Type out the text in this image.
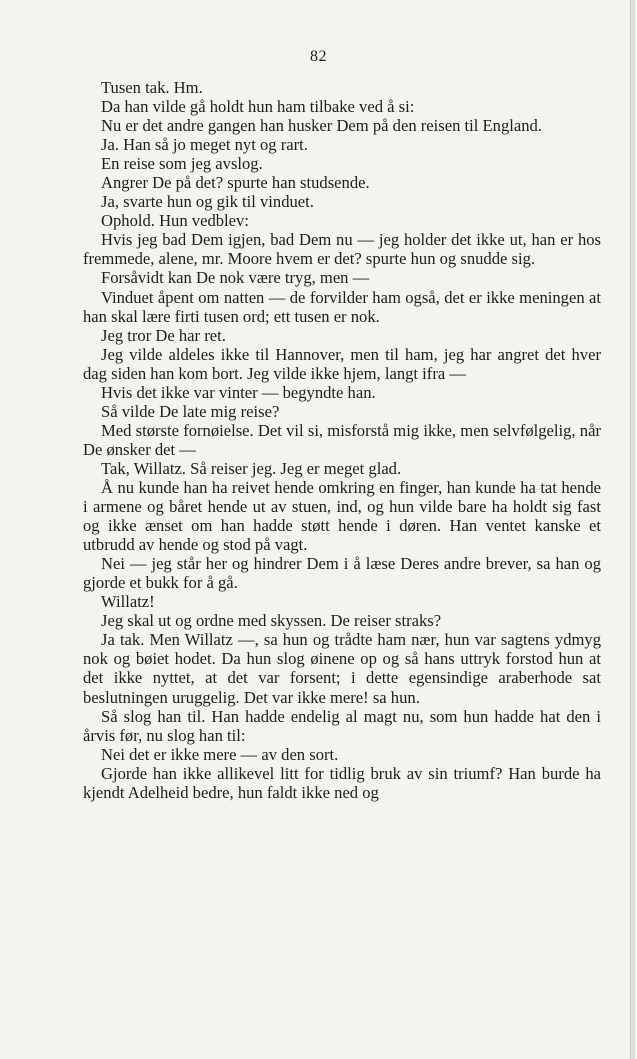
82

Tusen tak. Hm.

Da han vilde gå holdt hun ham tilbake ved å si:

Nu er det andre gangen han husker Dem på den reisen til England.

Ja. Han så jo meget nyt og rart.

En reise som jeg avslog.

Angrer De på det? spurte han studsende.

Ja, svarte hun og gik til vinduet.

Ophold. Hun vedblev:

Hvis jeg bad Dem igjen, bad Dem nu — jeg holder det ikke ut, han er hos fremmede, alene, mr. Moore hvem er det? spurte hun og snudde sig.

Forsåvidt kan De nok være tryg, men —

Vinduet åpent om natten — de forvilder ham også, det er ikke meningen at han skal lære firti tusen ord; ett tusen er nok.

Jeg tror De har ret.

Jeg vilde aldeles ikke til Hannover, men til ham, jeg har angret det hver dag siden han kom bort. Jeg vilde ikke hjem, langt ifra —

Hvis det ikke var vinter — begyndte han.

Så vilde De late mig reise?

Med største fornøielse. Det vil si, misforstå mig ikke, men selvfølgelig, når De ønsker det —

Tak, Willatz. Så reiser jeg. Jeg er meget glad.

Å nu kunde han ha reivet hende omkring en finger, han kunde ha tat hende i armene og båret hende ut av stuen, ind, og hun vilde bare ha holdt sig fast og ikke ænset om han hadde støtt hende i døren. Han ventet kanske et utbrudd av hende og stod på vagt.

Nei — jeg står her og hindrer Dem i å læse Deres andre brever, sa han og gjorde et bukk for å gå.

Willatz!

Jeg skal ut og ordne med skyssen. De reiser straks?

Ja tak. Men Willatz —, sa hun og trådte ham nær, hun var sagtens ydmyg nok og bøiet hodet. Da hun slog øinene op og så hans uttryk forstod hun at det ikke nyttet, at det var forsent; i dette egensindige araberhode sat beslutningen uruggelig. Det var ikke mere! sa hun.

Så slog han til. Han hadde endelig al magt nu, som hun hadde hat den i årvis før, nu slog han til:

Nei det er ikke mere — av den sort.

Gjorde han ikke allikevel litt for tidlig bruk av sin triumf? Han burde ha kjendt Adelheid bedre, hun faldt ikke ned og
